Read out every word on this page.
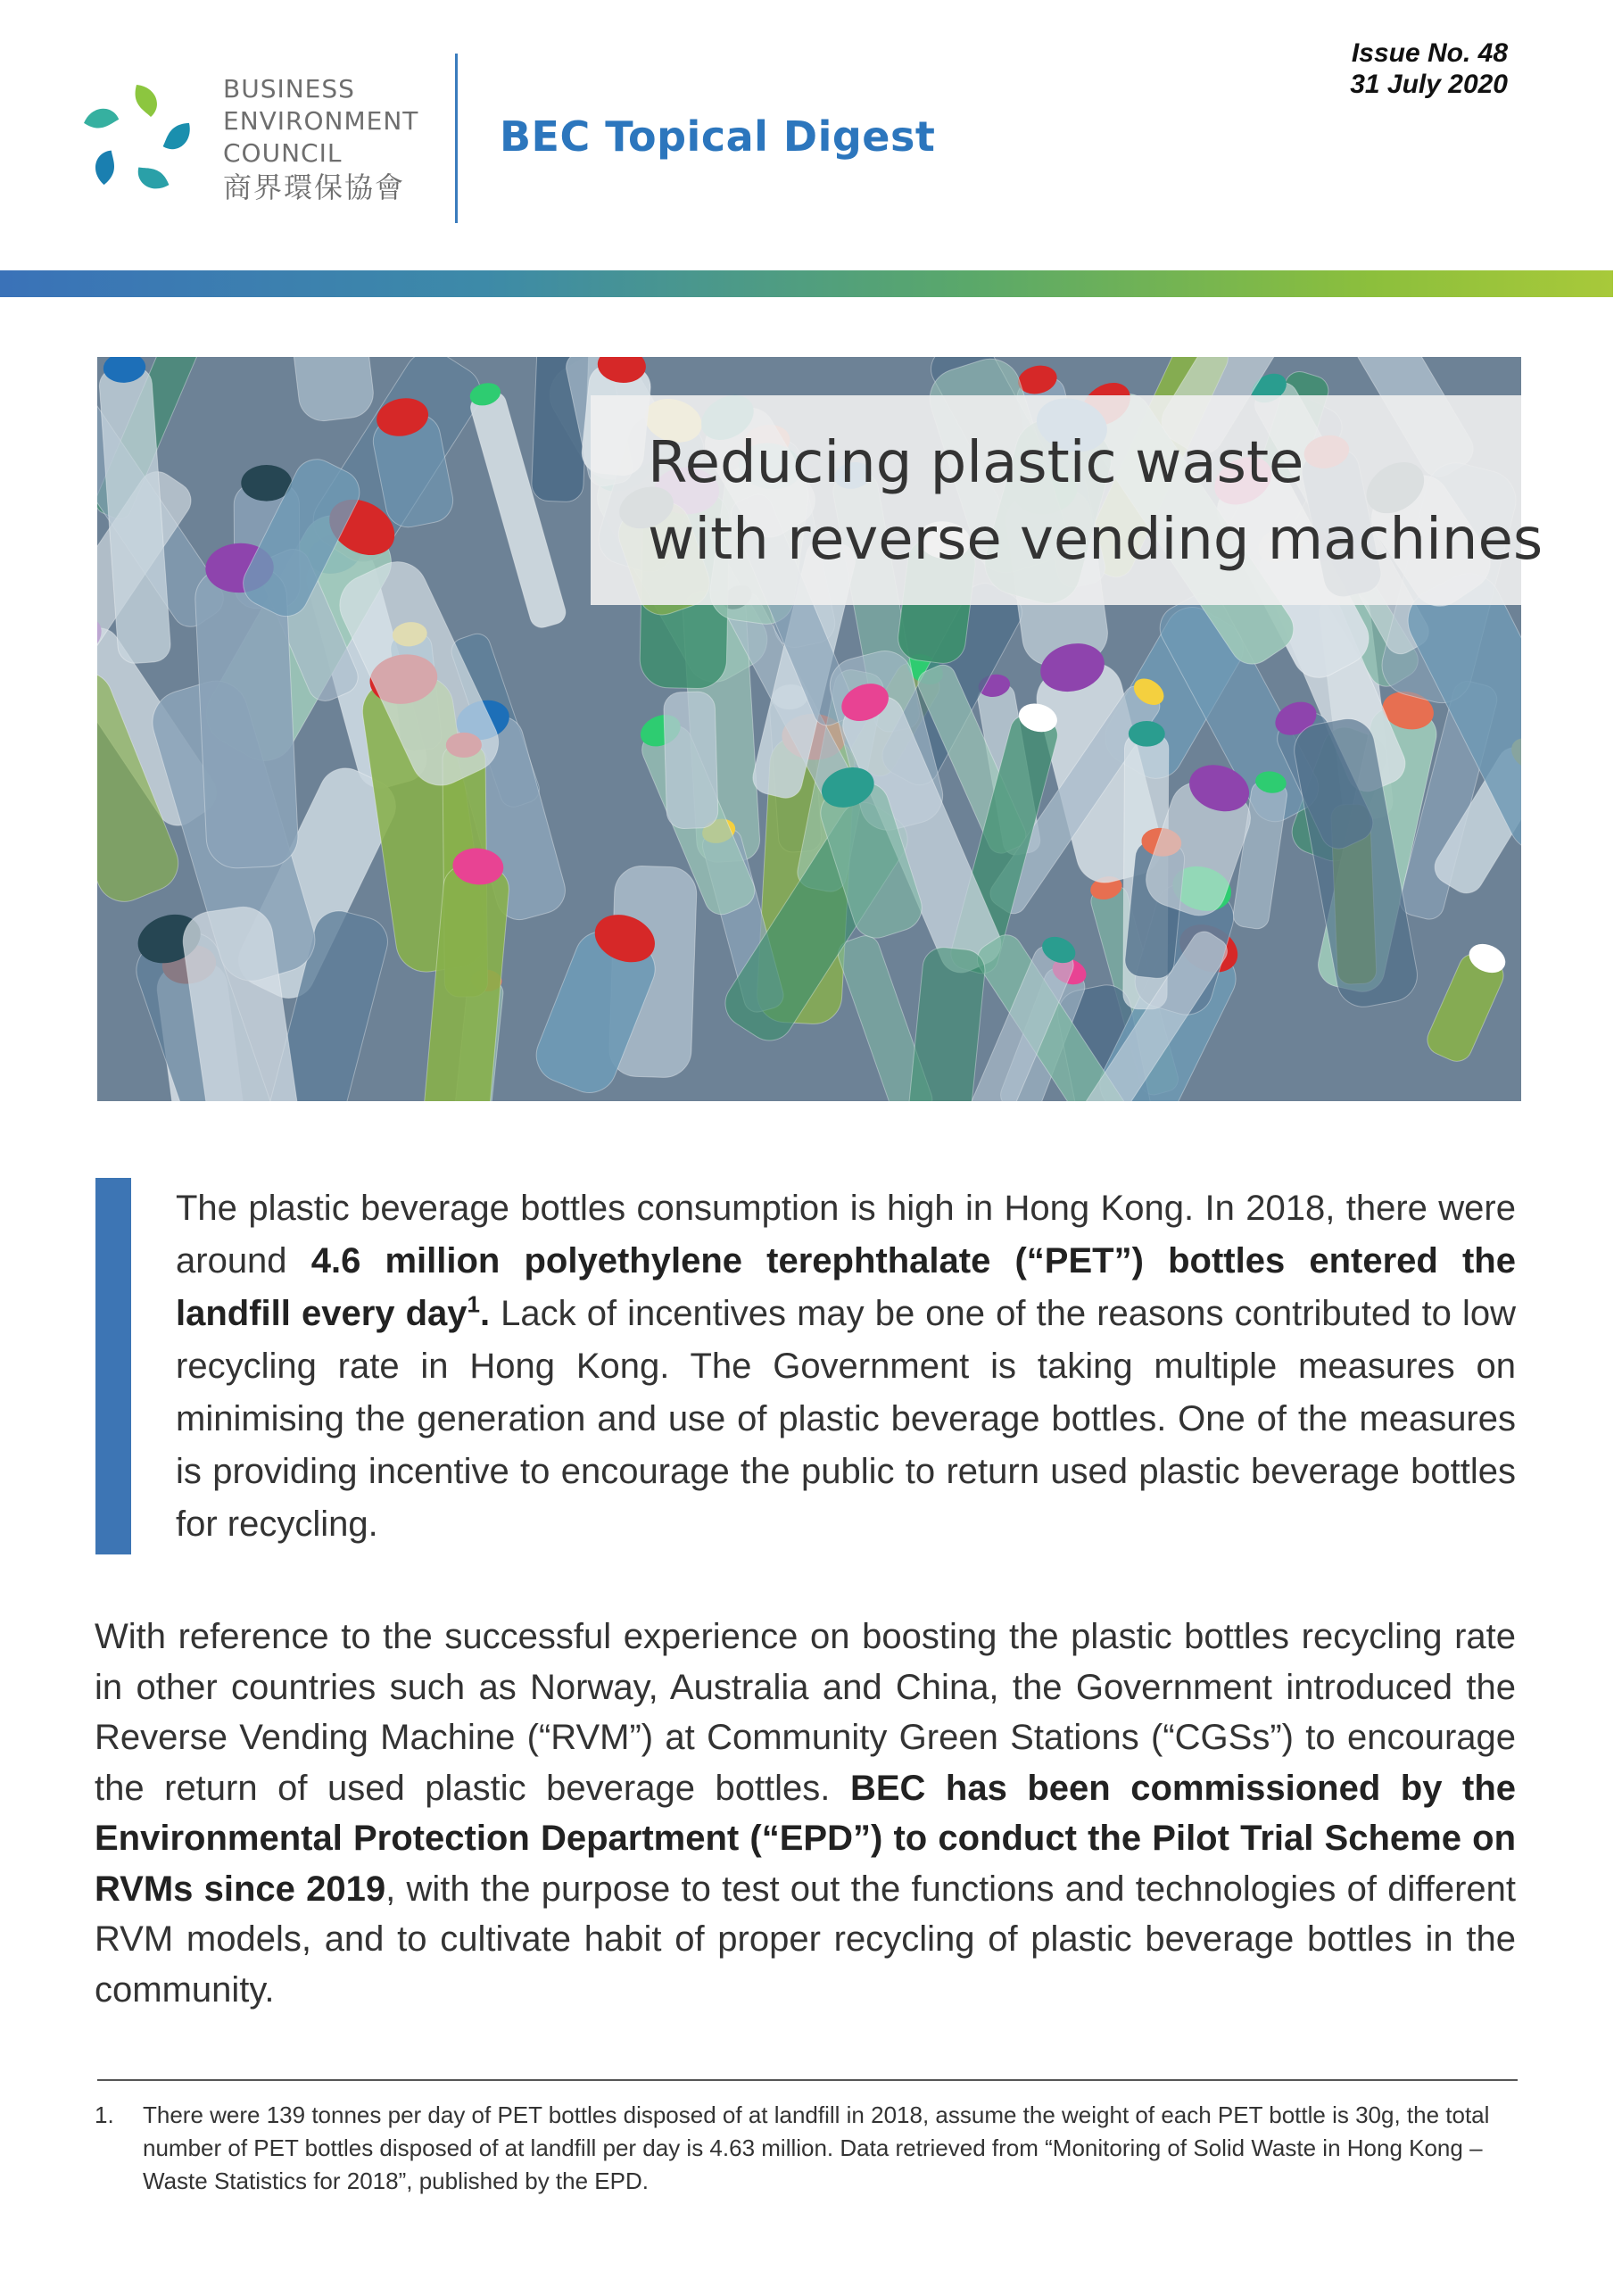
BUSINESS
ENVIRONMENT
COUNCIL
商界環保協會
BEC Topical Digest
Issue No. 48
31 July 2020
Reducing plastic waste
with reverse vending machines

The plastic beverage bottles consumption is high in Hong Kong. In 2018, there were around 4.6 million polyethylene terephthalate (“PET”) bottles entered the landfill every day$^1$. Lack of incentives may be one of the reasons contributed to low recycling rate in Hong Kong. The Government is taking multiple measures on minimising the generation and use of plastic beverage bottles. One of the measures is providing incentive to encourage the public to return used plastic beverage bottles for recycling.

With reference to the successful experience on boosting the plastic bottles recycling rate in other countries such as Norway, Australia and China, the Government introduced the Reverse Vending Machine (“RVM”) at Community Green Stations (“CGSs”) to encourage the return of used plastic beverage bottles. BEC has been commissioned by the Environmental Protection Department (“EPD”) to conduct the Pilot Trial Scheme on RVMs since 2019, with the purpose to test out the functions and technologies of different RVM models, and to cultivate habit of proper recycling of plastic beverage bottles in the community.

1. There were 139 tonnes per day of PET bottles disposed of at landfill in 2018, assume the weight of each PET bottle is 30g, the total number of PET bottles disposed of at landfill per day is 4.63 million. Data retrieved from “Monitoring of Solid Waste in Hong Kong – Waste Statistics for 2018”, published by the EPD.
